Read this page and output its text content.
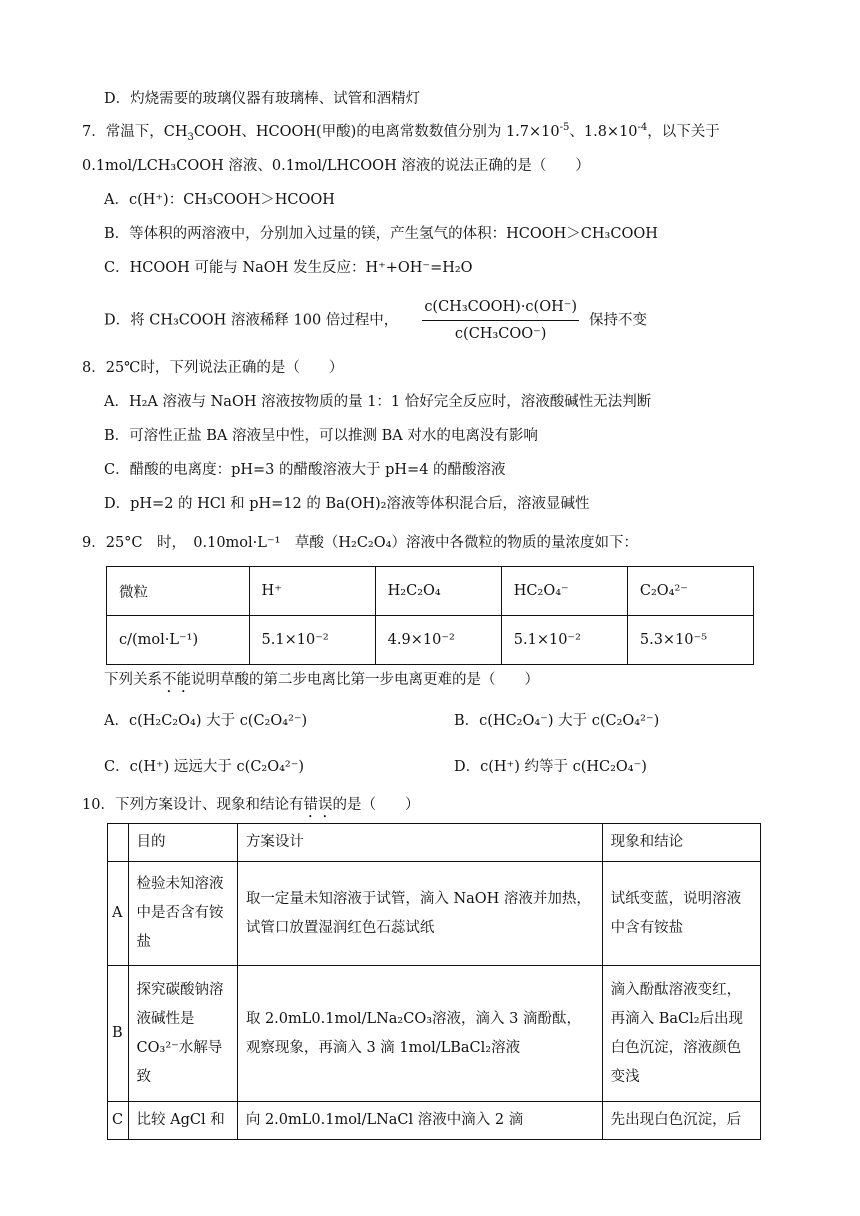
D．灼烧需要的玻璃仪器有玻璃棒、试管和酒精灯
7．常温下，$CH_3COOH$、HCOOH(甲酸)的电离常数数值分别为 $1.7\times 10^{-5}$、$1.8\times 10^{-4}$，以下关于
0.1mol/LCH₃COOH 溶液、0.1mol/LHCOOH 溶液的说法正确的是（　　）
A．c(H⁺)：CH₃COOH＞HCOOH
B．等体积的两溶液中，分别加入过量的镁，产生氢气的体积：HCOOH＞CH₃COOH
C．HCOOH 可能与 NaOH 发生反应：H⁺+OH⁻=H₂O
D．将 CH₃COOH 溶液稀释 100 倍过程中， $\frac{\text{c(CH₃COOH)·c(OH⁻)}}{\text{c(CH₃COO⁻)}}$ 保持不变
8．25℃时，下列说法正确的是（　　）
A．H₂A 溶液与 NaOH 溶液按物质的量 1：1 恰好完全反应时，溶液酸碱性无法判断
B．可溶性正盐 BA 溶液呈中性，可以推测 BA 对水的电离没有影响
C．醋酸的电离度：pH=3 的醋酸溶液大于 pH=4 的醋酸溶液
D．pH=2 的 HCl 和 pH=12 的 Ba(OH)₂溶液等体积混合后，溶液显碱性
9．25°C　时，　0.10mol·L⁻¹　草酸（H₂C₂O₄）溶液中各微粒的物质的量浓度如下：
微粒	H⁺	H₂C₂O₄	HC₂O₄⁻	C₂O₄²⁻
c/(mol·L⁻¹)	5.1×10⁻²	4.9×10⁻²	5.1×10⁻²	5.3×10⁻⁵
下列关系不能说明草酸的第二步电离比第一步电离更难的是（　　）
A．c(H₂C₂O₄) 大于 c(C₂O₄²⁻)	B．c(HC₂O₄⁻) 大于 c(C₂O₄²⁻)
C．c(H⁺) 远远大于 c(C₂O₄²⁻)	D．c(H⁺) 约等于 c(HC₂O₄⁻)
10．下列方案设计、现象和结论有错误的是（　　）
	目的	方案设计	现象和结论
A	检验未知溶液中是否含有铵盐	取一定量未知溶液于试管，滴入 NaOH 溶液并加热，试管口放置湿润红色石蕊试纸	试纸变蓝，说明溶液中含有铵盐
B	探究碳酸钠溶液碱性是CO₃²⁻水解导致	取 2.0mL0.1mol/LNa₂CO₃溶液，滴入 3 滴酚酞，观察现象，再滴入 3 滴 1mol/LBaCl₂溶液	滴入酚酞溶液变红，再滴入 BaCl₂后出现白色沉淀，溶液颜色变浅
C	比较 AgCl 和	向 2.0mL0.1mol/LNaCl 溶液中滴入 2 滴	先出现白色沉淀，后
